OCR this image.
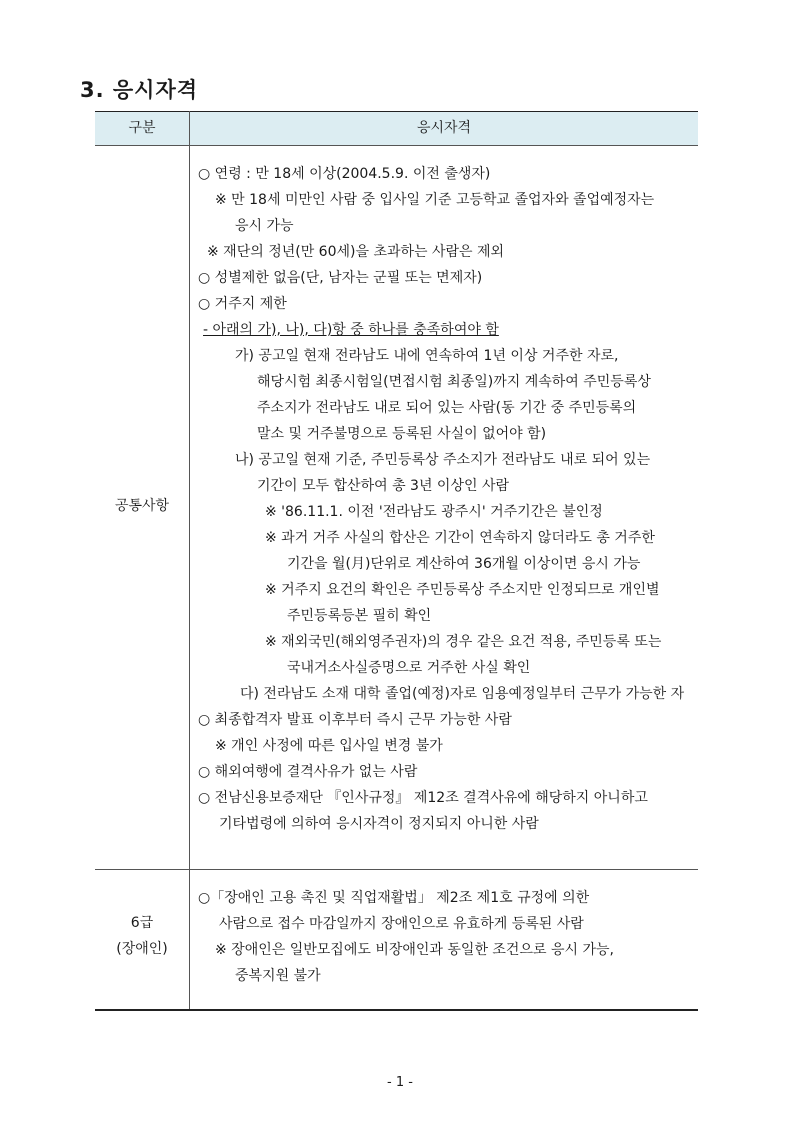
3. 응시자격
구분	응시자격
공통사항
6급
(장애인)
○ 연령 : 만 18세 이상(2004.5.9. 이전 출생자)
※ 만 18세 미만인 사람 중 입사일 기준 고등학교 졸업자와 졸업예정자는
응시 가능
※ 재단의 정년(만 60세)을 초과하는 사람은 제외
○ 성별제한 없음(단, 남자는 군필 또는 면제자)
○ 거주지 제한
- 아래의 가), 나), 다)항 중 하나를 충족하여야 함
가) 공고일 현재 전라남도 내에 연속하여 1년 이상 거주한 자로,
해당시험 최종시험일(면접시험 최종일)까지 계속하여 주민등록상
주소지가 전라남도 내로 되어 있는 사람(동 기간 중 주민등록의
말소 및 거주불명으로 등록된 사실이 없어야 함)
나) 공고일 현재 기준, 주민등록상 주소지가 전라남도 내로 되어 있는
기간이 모두 합산하여 총 3년 이상인 사람
※ '86.11.1. 이전 '전라남도 광주시' 거주기간은 불인정
※ 과거 거주 사실의 합산은 기간이 연속하지 않더라도 총 거주한
기간을 월(月)단위로 계산하여 36개월 이상이면 응시 가능
※ 거주지 요건의 확인은 주민등록상 주소지만 인정되므로 개인별
주민등록등본 필히 확인
※ 재외국민(해외영주권자)의 경우 같은 요건 적용, 주민등록 또는
국내거소사실증명으로 거주한 사실 확인
다) 전라남도 소재 대학 졸업(예정)자로 임용예정일부터 근무가 가능한 자
○ 최종합격자 발표 이후부터 즉시 근무 가능한 사람
※ 개인 사정에 따른 입사일 변경 불가
○ 해외여행에 결격사유가 없는 사람
○ 전남신용보증재단 『인사규정』 제12조 결격사유에 해당하지 아니하고
기타법령에 의하여 응시자격이 정지되지 아니한 사람
○「장애인 고용 촉진 및 직업재활법」 제2조 제1호 규정에 의한
사람으로 접수 마감일까지 장애인으로 유효하게 등록된 사람
※ 장애인은 일반모집에도 비장애인과 동일한 조건으로 응시 가능,
중복지원 불가
- 1 -
